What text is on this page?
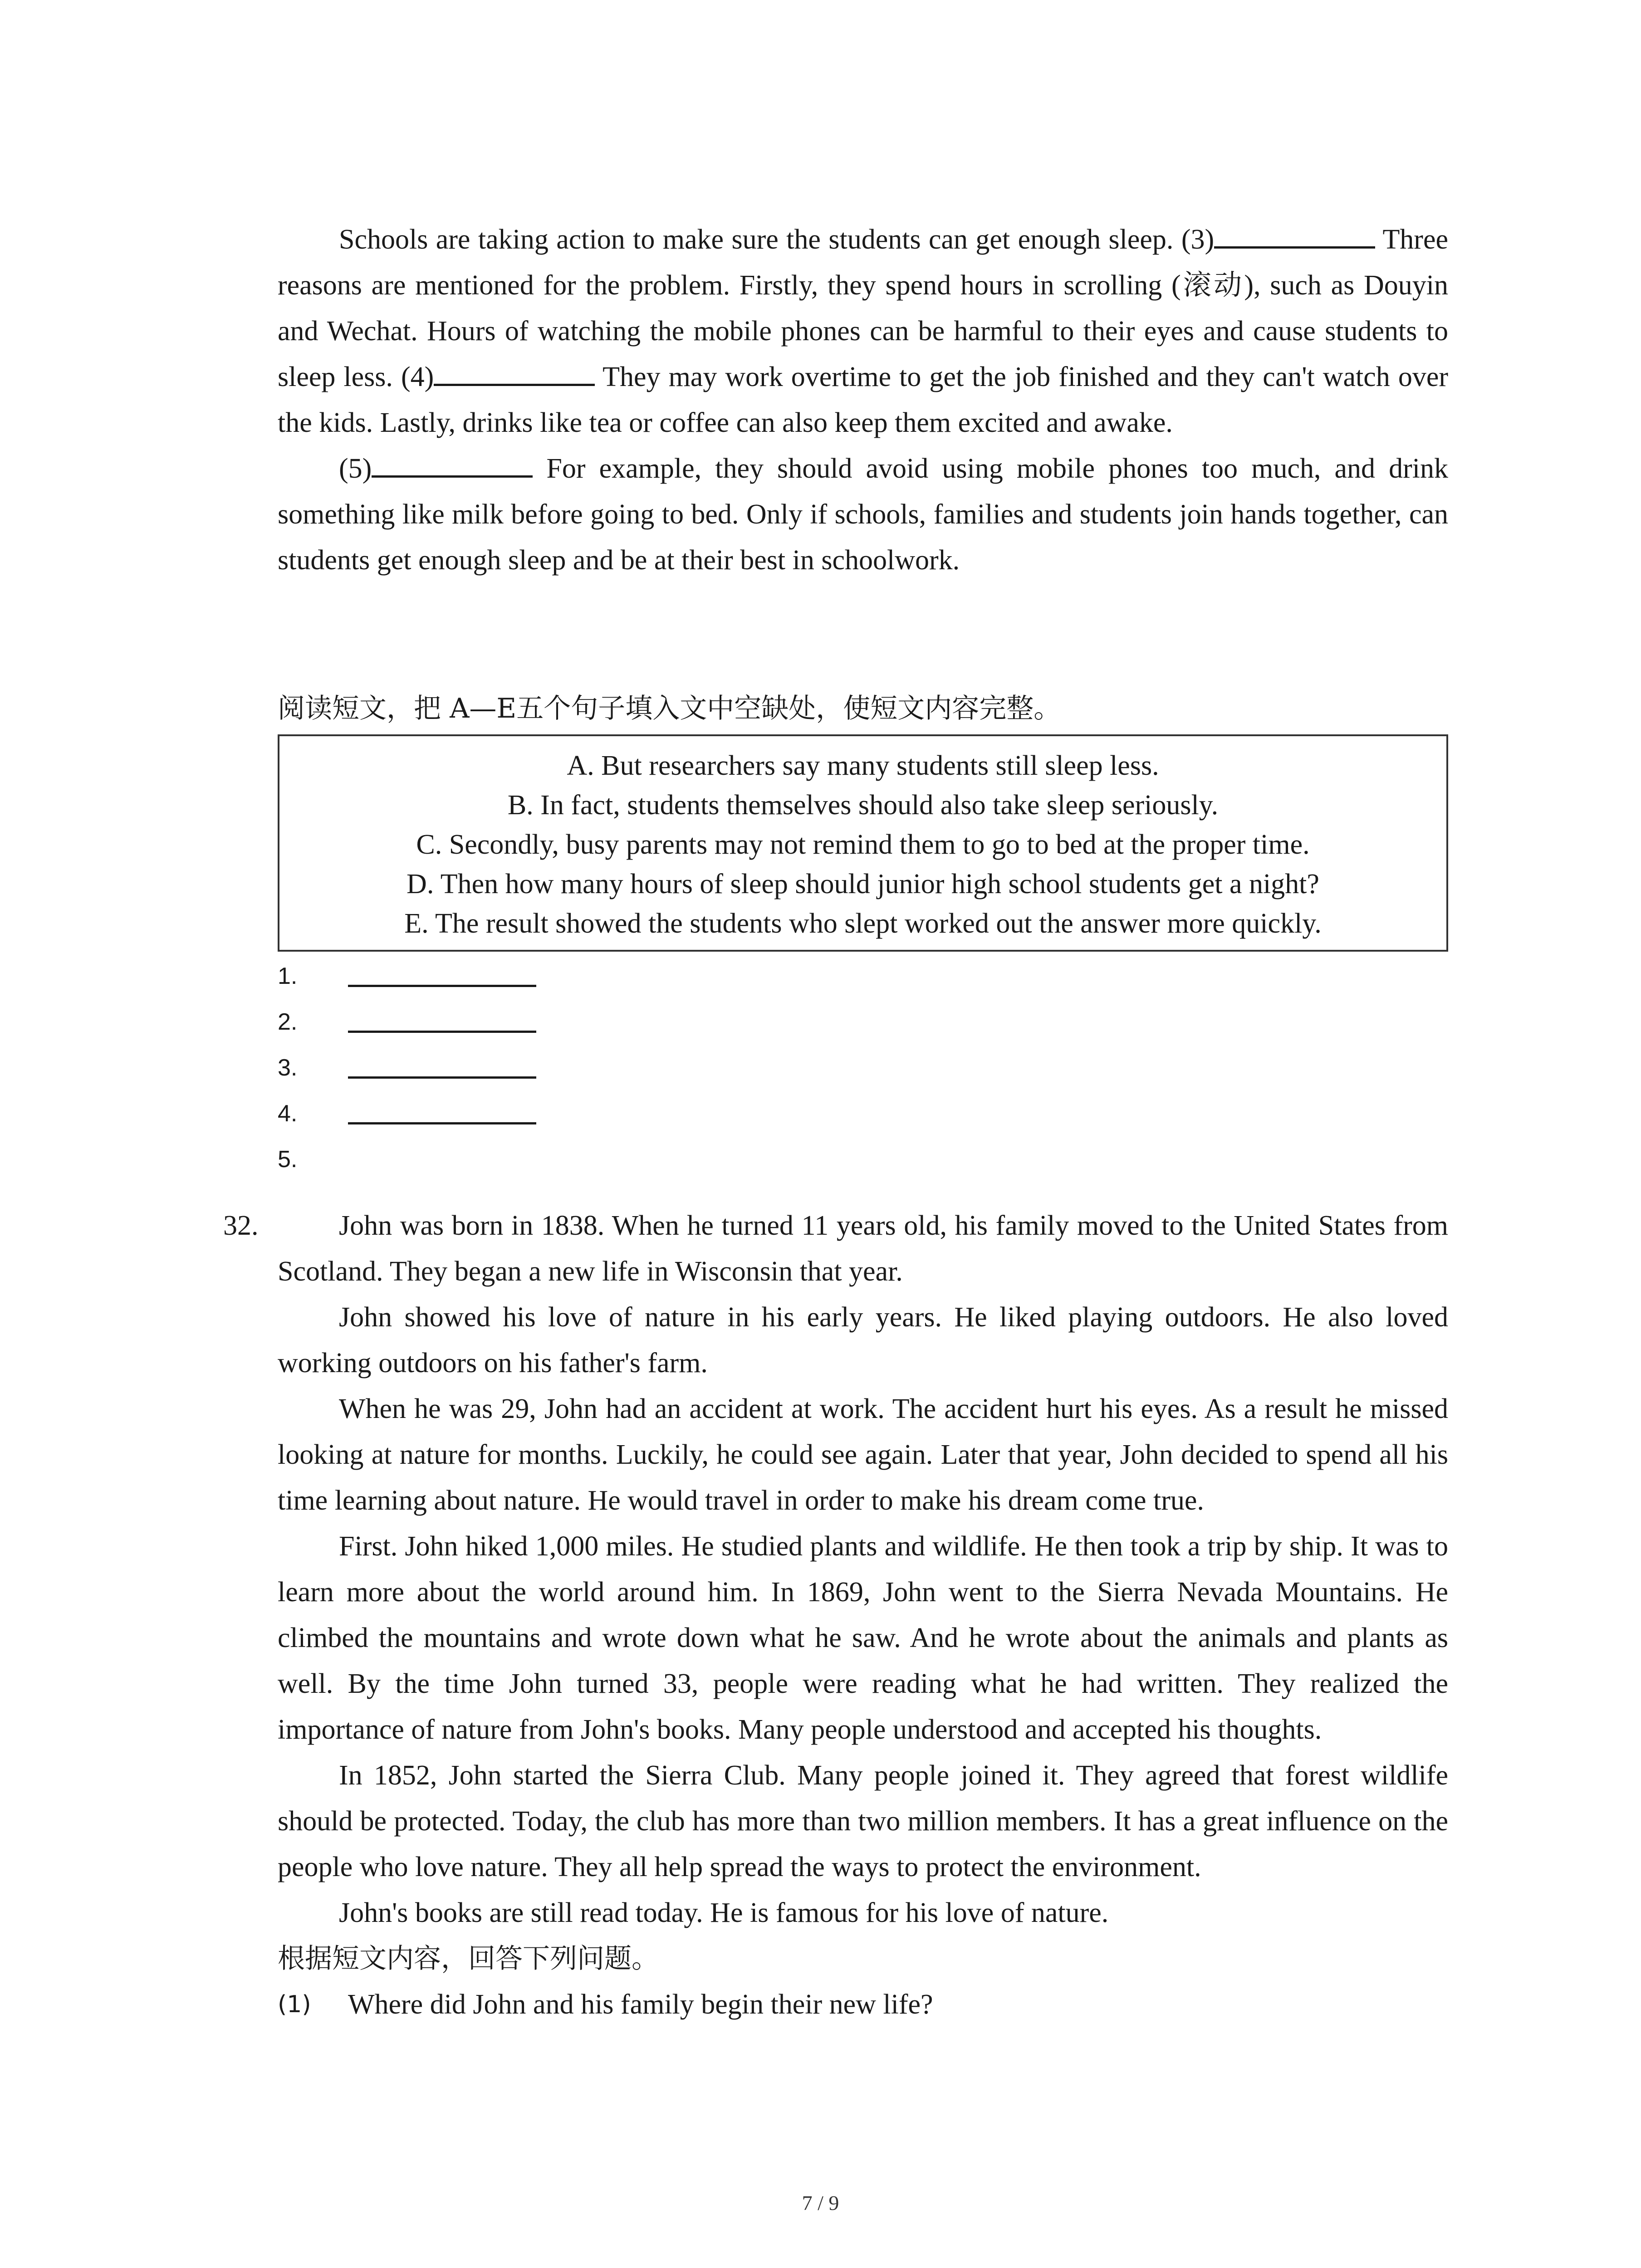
Schools are taking action to make sure the students can get enough sleep. (3)	Three reasons are mentioned for the problem. Firstly, they spend hours in scrolling (滚动), such as Douyin and Wechat. Hours of watching the mobile phones can be harmful to their eyes and cause students to sleep less. (4)	They may work overtime to get the job finished and they can't watch over the kids. Lastly, drinks like tea or coffee can also keep them excited and awake.

(5)	For example, they should avoid using mobile phones too much, and drink something like milk before going to bed. Only if schools, families and students join hands together, can students get enough sleep and be at their best in schoolwork.

阅读短文，把 A—E五个句子填入文中空缺处，使短文内容完整。

A. But researchers say many students still sleep less.
B. In fact, students themselves should also take sleep seriously.
C. Secondly, busy parents may not remind them to go to bed at the proper time.
D. Then how many hours of sleep should junior high school students get a night?
E. The result showed the students who slept worked out the answer more quickly.
1.
2.
3.
4.
5.
32.	John was born in 1838. When he turned 11 years old, his family moved to the United States from Scotland. They began a new life in Wisconsin that year.

John showed his love of nature in his early years. He liked playing outdoors. He also loved working outdoors on his father's farm.

When he was 29, John had an accident at work. The accident hurt his eyes. As a result he missed looking at nature for months. Luckily, he could see again. Later that year, John decided to spend all his time learning about nature. He would travel in order to make his dream come true.

First. John hiked 1,000 miles. He studied plants and wildlife. He then took a trip by ship. It was to learn more about the world around him. In 1869, John went to the Sierra Nevada Mountains. He climbed the mountains and wrote down what he saw. And he wrote about the animals and plants as well. By the time John turned 33, people were reading what he had written. They realized the importance of nature from John's books. Many people understood and accepted his thoughts.

In 1852, John started the Sierra Club. Many people joined it. They agreed that forest wildlife should be protected. Today, the club has more than two million members. It has a great influence on the people who love nature. They all help spread the ways to protect the environment.

John's books are still read today. He is famous for his love of nature.

根据短文内容，回答下列问题。

(1) Where did John and his family begin their new life?
7 / 9
